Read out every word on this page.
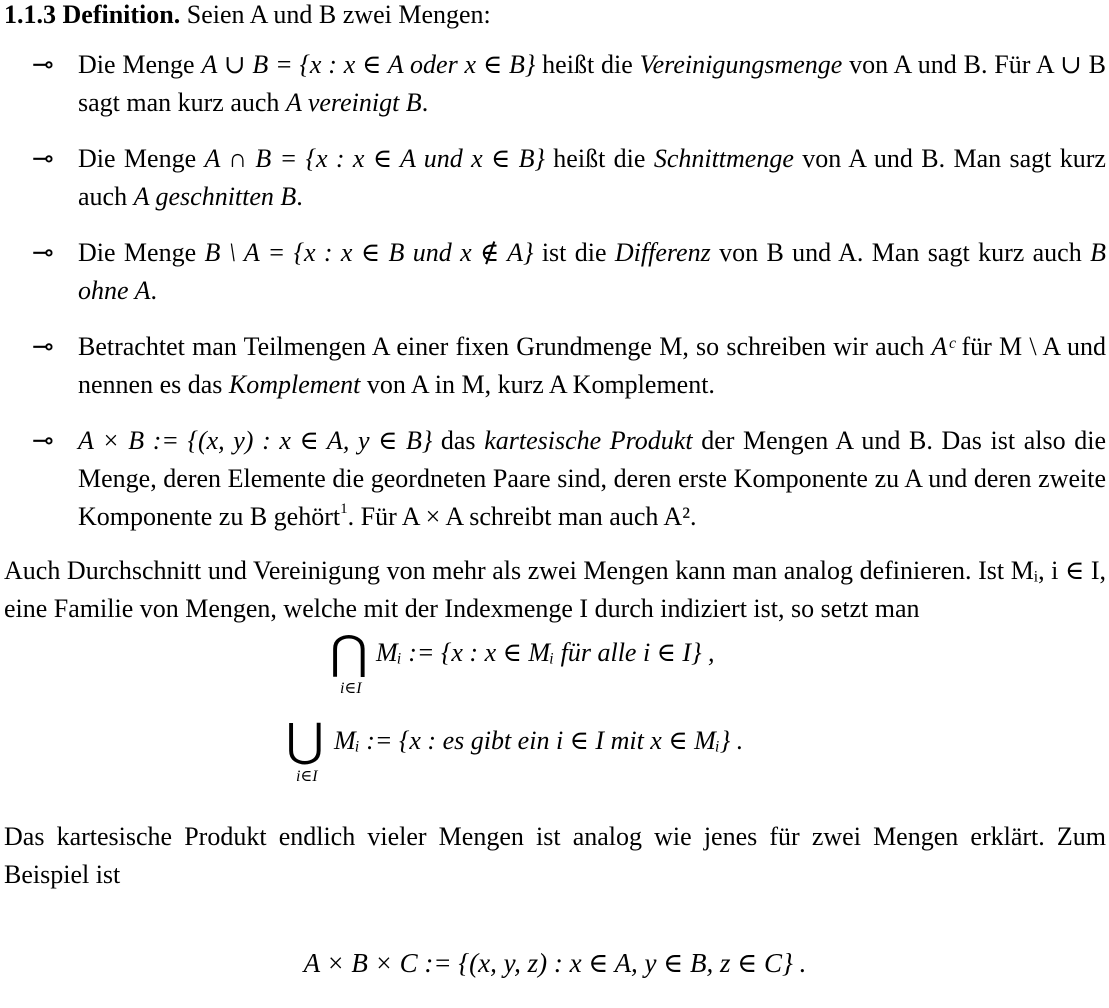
1.1.3 Definition. Seien A und B zwei Mengen:

⊸ Die Menge A ∪ B = {x : x ∈ A oder x ∈ B} heißt die Vereinigungsmenge von A und B. Für A ∪ B sagt man kurz auch A vereinigt B.

⊸ Die Menge A ∩ B = {x : x ∈ A und x ∈ B} heißt die Schnittmenge von A und B. Man sagt kurz auch A geschnitten B.

⊸ Die Menge B \ A = {x : x ∈ B und x ∉ A} ist die Differenz von B und A. Man sagt kurz auch B ohne A.

⊸ Betrachtet man Teilmengen A einer fixen Grundmenge M, so schreiben wir auch Aᶜ für M \ A und nennen es das Komplement von A in M, kurz A Komplement.

⊸ A × B := {(x, y) : x ∈ A, y ∈ B} das kartesische Produkt der Mengen A und B. Das ist also die Menge, deren Elemente die geordneten Paare sind, deren erste Komponente zu A und deren zweite Komponente zu B gehört$^1$. Für A × A schreibt man auch A².

Auch Durchschnitt und Vereinigung von mehr als zwei Mengen kann man analog definieren. Ist Mᵢ, i ∈ I, eine Familie von Mengen, welche mit der Indexmenge I durch indiziert ist, so setzt man

⋂
i∈I
Mᵢ := {x : x ∈ Mᵢ für alle i ∈ I} ,
⋃
i∈I
Mᵢ := {x : es gibt ein i ∈ I mit x ∈ Mᵢ} .

Das kartesische Produkt endlich vieler Mengen ist analog wie jenes für zwei Mengen erklärt. Zum Beispiel ist

A × B × C := {(x, y, z) : x ∈ A, y ∈ B, z ∈ C} .
